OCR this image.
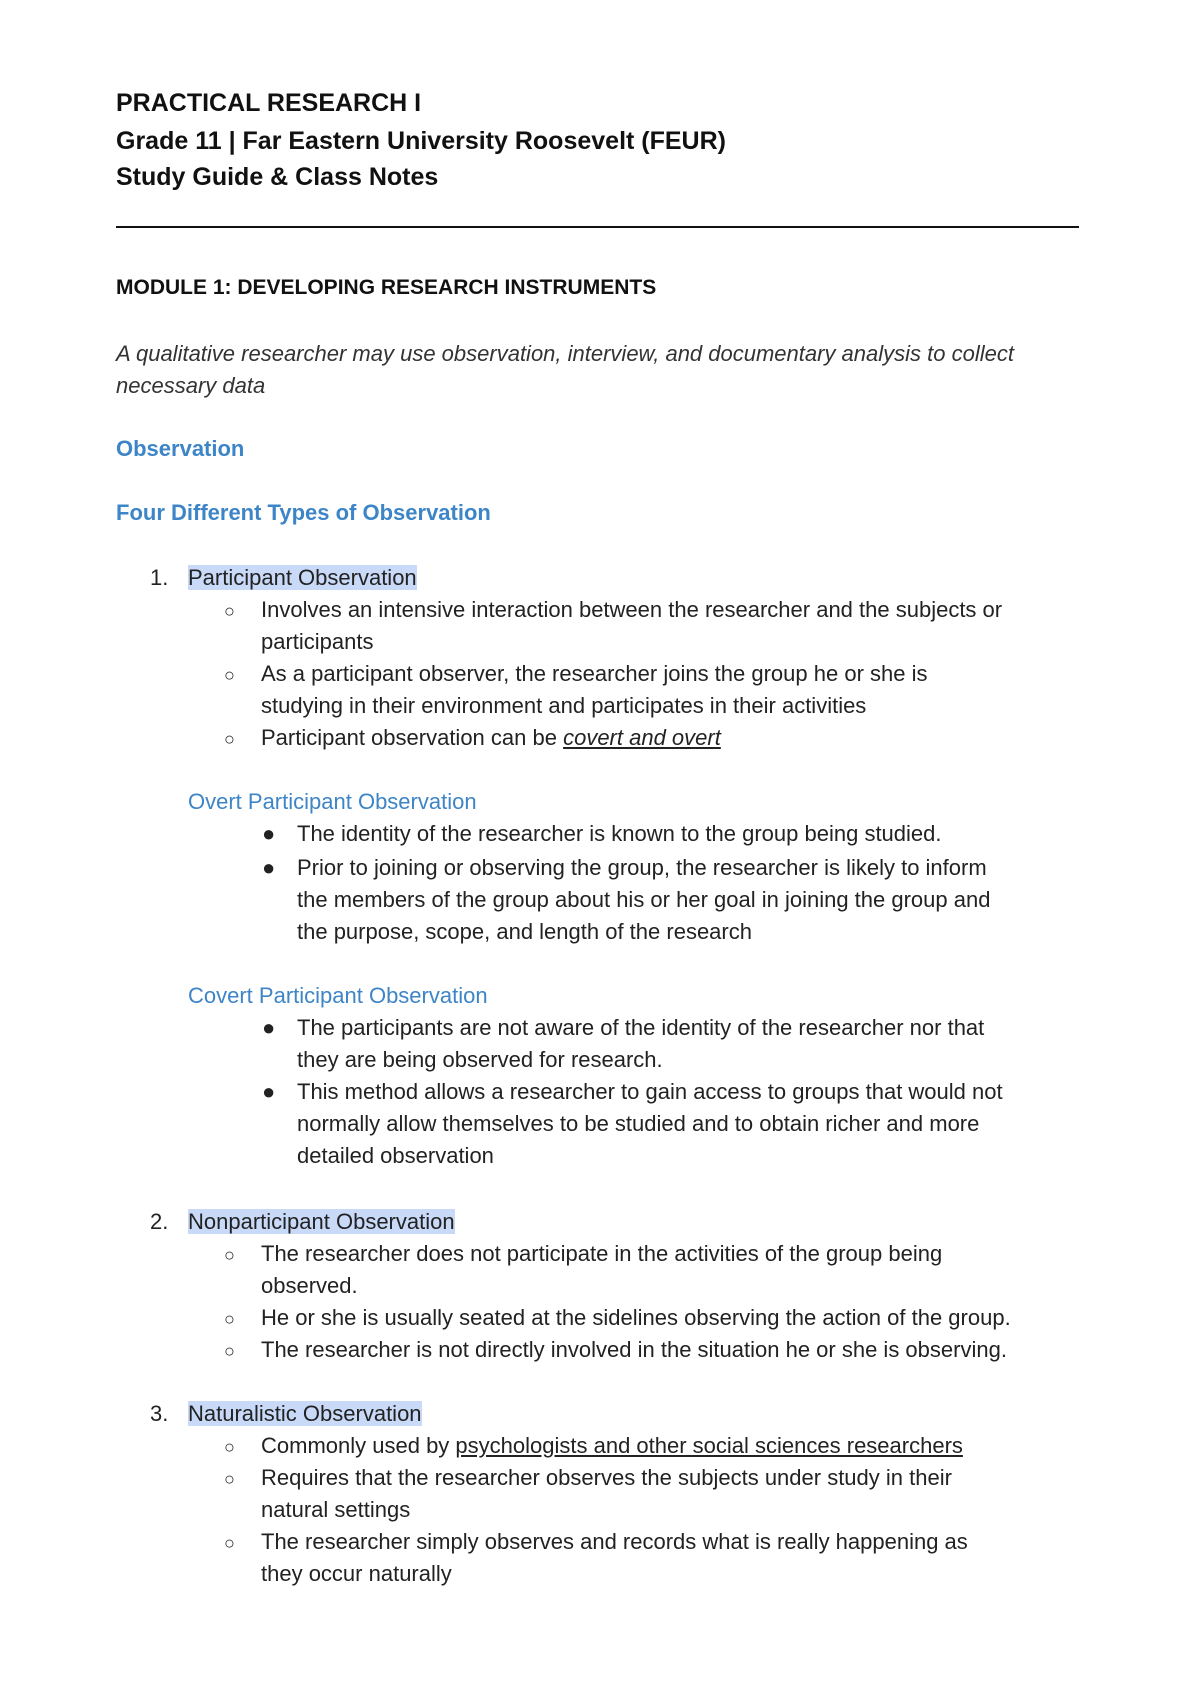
PRACTICAL RESEARCH I
Grade 11 | Far Eastern University Roosevelt (FEUR)
Study Guide & Class Notes
MODULE 1: DEVELOPING RESEARCH INSTRUMENTS
A qualitative researcher may use observation, interview, and documentary analysis to collect necessary data
Observation
Four Different Types of Observation
1. Participant Observation
○ Involves an intensive interaction between the researcher and the subjects or
participants
○ As a participant observer, the researcher joins the group he or she is
studying in their environment and participates in their activities
○ Participant observation can be covert and overt
Overt Participant Observation
● The identity of the researcher is known to the group being studied.
● Prior to joining or observing the group, the researcher is likely to inform
the members of the group about his or her goal in joining the group and
the purpose, scope, and length of the research
Covert Participant Observation
● The participants are not aware of the identity of the researcher nor that
they are being observed for research.
● This method allows a researcher to gain access to groups that would not
normally allow themselves to be studied and to obtain richer and more
detailed observation
2. Nonparticipant Observation
○ The researcher does not participate in the activities of the group being
observed.
○ He or she is usually seated at the sidelines observing the action of the group.
○ The researcher is not directly involved in the situation he or she is observing.
3. Naturalistic Observation
○ Commonly used by psychologists and other social sciences researchers
○ Requires that the researcher observes the subjects under study in their
natural settings
○ The researcher simply observes and records what is really happening as
they occur naturally
